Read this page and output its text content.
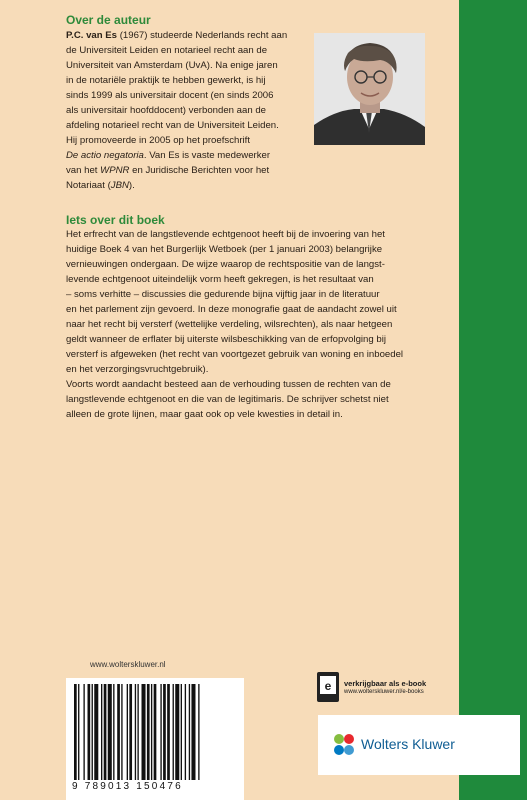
Over de auteur

P.C. van Es (1967) studeerde Nederlands recht aan

de Universiteit Leiden en notarieel recht aan de

Universiteit van Amsterdam (UvA). Na enige jaren

in de notariële praktijk te hebben gewerkt, is hij

sinds 1999 als universitair docent (en sinds 2006

als universitair hoofddocent) verbonden aan de

afdeling notarieel recht van de Universiteit Leiden.

Hij promoveerde in 2005 op het proefschrift

De actio negatoria. Van Es is vaste medewerker

van het WPNR en Juridische Berichten voor het

Notariaat (JBN).

Iets over dit boek

Het erfrecht van de langstlevende echtgenoot heeft bij de invoering van het

huidige Boek 4 van het Burgerlijk Wetboek (per 1 januari 2003) belangrijke

vernieuwingen ondergaan. De wijze waarop de rechtspositie van de langst-

levende echtgenoot uiteindelijk vorm heeft gekregen, is het resultaat van

– soms verhitte – discussies die gedurende bijna vijftig jaar in de literatuur

en het parlement zijn gevoerd. In deze monografie gaat de aandacht zowel uit

naar het recht bij versterf (wettelijke verdeling, wilsrechten), als naar hetgeen

geldt wanneer de erflater bij uiterste wilsbeschikking van de erfopvolging bij

versterf is afgeweken (het recht van voortgezet gebruik van woning en inboedel

en het verzorgingsvruchtgebruik).

Voorts wordt aandacht besteed aan de verhouding tussen de rechten van de

langstlevende echtgenoot en die van de legitimaris. De schrijver schetst niet

alleen de grote lijnen, maar gaat ook op vele kwesties in detail in.

www.wolterskluwer.nl
9 789013 150476
e verkrijgbaar als e-book
www.wolterskluwer.nl/e-books
Wolters Kluwer
